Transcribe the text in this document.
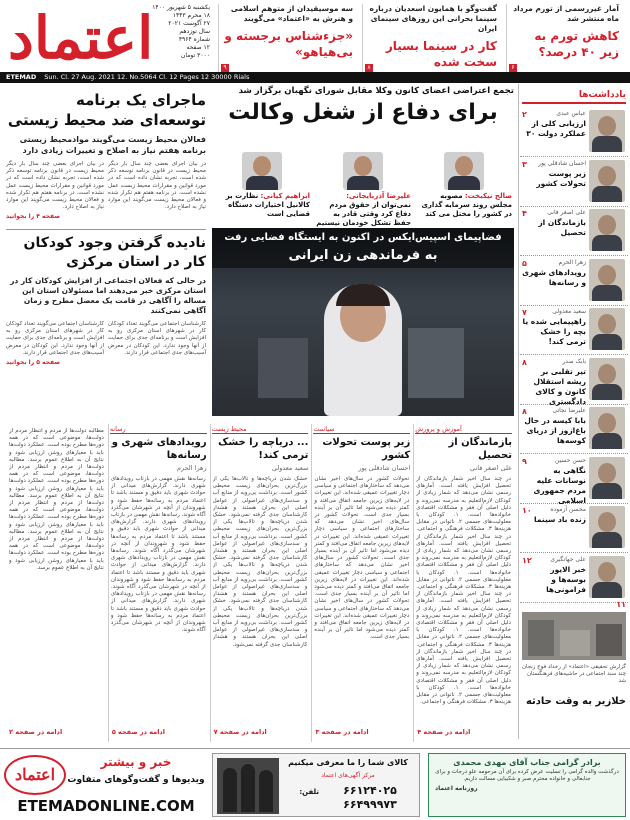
اعتماد
یکشنبه ۵ شهریور ۱۴۰۰
۱۸ محرم ۱۴۴۳
۲۷ آگوست ۲۰۲۱
سال نوزدهم
شماره ۴۹۶۴
۱۲ صفحه
۳۰۰۰ تومان
آمار غیررسمی از تورم مرداد ماه منتشر شد
کاهش تورم به زیر ۴۰ درصد؟
۶
گفت‌وگو با همایون اسعدیان درباره سینما بحرانی این روزهای سینمای ایران
کار در سینما بسیار سخت شده
۸
سه موسیقیدان از متوهم اسلامی و هنرش به «اعتماد» می‌گویند
«جزء‌شناس برجسته و بی‌هیاهو»
۹
ETEMAD Sun. Cl. 27 Aug. 2021 12. No.5064 Cl. 12 Pages 12 30000 Rials
یادداشت‌ها
عباس عبدی
ارزیابی کلی از عملکرد دولت ۳۰
۲
احسان شادقلی پور
زیر پوست تحولات کشور
۳
علی اصغر فانی
بازماندگان از تحصیل
۴
زهرا الحرم
رویدادهای شهری و رسانه‌ها
۵
سعید معدولی
راهپیمایی شده یا بچه را خشک ترمی کند!
۷
بابک صدر
تیر تقلبی بر ریشه استقلال کانون و کالای دادگستری
۸
علیرضا نجاتی
بابا کیسه در حال باغ‌ازوز از دریای کوسه‌ها
۸
حسن حسین
نگاهی به نوسانات علیه مردم جمهوری اسلامی
۹
محسن آزموده
زنده باد سینما
۱۰
علی جهانگیری
خبر الایور بوسه‌ها و فرامونی‌ها
۱۲
۱۱
گزارش تحقیقی «اعتماد» از رخداد فوج زنجان چند سند اجتماعی در حاشیه‌های فرهنگستان شد
خلازیر به وقت حادثه
ماجرای یک برنامه توسعه‌ای ضد محیط زیستی
فعالان محیط زیست می‌گویند موادمحیط زیستی برنامه هفتم نیاز به اصلاح و تغییرات زیادی دارد
در بیان اجرای بعضی چند سال بار دیگر محیط زیست در قانون برنامه توسعه ذکر شده است، تجربه نشان داده است که در مورد قوانین و مقرارات محیط زیست عمل نشده است. در برنامه هفتم هم تکرار شده و فعالان محیط زیست می‌گویند این موارد نیاز به اصلاح دارد.
در بیان اجرای بعضی چند سال بار دیگر محیط زیست در قانون برنامه توسعه ذکر شده است، تجربه نشان داده است که در مورد قوانین و مقرارات محیط زیست عمل نشده است. در برنامه هفتم هم تکرار شده و فعالان محیط زیست می‌گویند این موارد نیاز به اصلاح دارد.
صفحه ۴ را بخوانید
نادیده گرفتن وجود کودکان کار در استان مرکزی
در حالی که فعالان اجتماعی از افزایش کودکان کار در استان مرکزی خبر می‌دهند اما مسئولان استان این مساله را آگاهی در قامت یک معضل مطرح و زمان آگاهی نمی‌کنند
کارشناسان اجتماعی می‌گویند تعداد کودکان کار در شهرهای استان مرکزی رو به افزایش است و برنامه‌ای جدی برای حمایت از آنها وجود ندارد. این کودکان در معرض آسیب‌های جدی اجتماعی قرار دارند.
کارشناسان اجتماعی می‌گویند تعداد کودکان کار در شهرهای استان مرکزی رو به افزایش است و برنامه‌ای جدی برای حمایت از آنها وجود ندارد. این کودکان در معرض آسیب‌های جدی اجتماعی قرار دارند.
صفحه ۵ را بخوانید
تجمع اعتراضی اعضای کانون وکلا مقابل شورای نگهبان برگزار شد
برای دفاع از شغل وکالت
صالح نیکبخت: مصوبه مجلس روند سرمایه گذاری در کشور را مختل می کند
علیرضا آذربایجانی: نمی‌توان از حقوق مردم دفاع کرد وقتی قادر به حفظ تشکل خودمان نیستیم
ابراهیم کیانی: نظارت بر کالانیل اختیارات دستگاه قضایی است
فضاپیمای اسپیس‌ایکس در اکنون به ایستگاه فضایی رفت
به فرماندهی زن ایرانی
آموزش و پرورش
بازماندگان از تحصیل
علی اصغر فانی
در چند سال اخیر شمار بازماندگان از تحصیل افزایش یافته است. آمارهای رسمی نشان می‌دهد که شمار زیادی از کودکان لازم‌التعلیم به مدرسه نمی‌روند و دلیل اصلی آن فقر و مشکلات اقتصادی خانواده‌ها است. ۱. کودکان با معلولیت‌های جسمی ۲. ناتوانی در مقابل هزینه‌ها ۳. مشکلات فرهنگی و اجتماعی. در چند سال اخیر شمار بازماندگان از تحصیل افزایش یافته است. آمارهای رسمی نشان می‌دهد که شمار زیادی از کودکان لازم‌التعلیم به مدرسه نمی‌روند و دلیل اصلی آن فقر و مشکلات اقتصادی خانواده‌ها است. ۱. کودکان با معلولیت‌های جسمی ۲. ناتوانی در مقابل هزینه‌ها ۳. مشکلات فرهنگی و اجتماعی. در چند سال اخیر شمار بازماندگان از تحصیل افزایش یافته است. آمارهای رسمی نشان می‌دهد که شمار زیادی از کودکان لازم‌التعلیم به مدرسه نمی‌روند و دلیل اصلی آن فقر و مشکلات اقتصادی خانواده‌ها است. ۱. کودکان با معلولیت‌های جسمی ۲. ناتوانی در مقابل هزینه‌ها ۳. مشکلات فرهنگی و اجتماعی. در چند سال اخیر شمار بازماندگان از تحصیل افزایش یافته است. آمارهای رسمی نشان می‌دهد که شمار زیادی از کودکان لازم‌التعلیم به مدرسه نمی‌روند و دلیل اصلی آن فقر و مشکلات اقتصادی خانواده‌ها است. ۱. کودکان با معلولیت‌های جسمی ۲. ناتوانی در مقابل هزینه‌ها ۳. مشکلات فرهنگی و اجتماعی.
ادامه در صفحه ۴
سیاست
زیر پوست تحولات کشور
احسان شادقلی پور
تحولات کشور در سال‌های اخیر نشان می‌دهد که ساختارهای اجتماعی و سیاسی دچار تغییرات عمیقی شده‌اند. این تغییرات در لایه‌های زیرین جامعه اتفاق می‌افتد و کمتر دیده می‌شود اما تاثیر آن بر آینده بسیار جدی است. تحولات کشور در سال‌های اخیر نشان می‌دهد که ساختارهای اجتماعی و سیاسی دچار تغییرات عمیقی شده‌اند. این تغییرات در لایه‌های زیرین جامعه اتفاق می‌افتد و کمتر دیده می‌شود اما تاثیر آن بر آینده بسیار جدی است. تحولات کشور در سال‌های اخیر نشان می‌دهد که ساختارهای اجتماعی و سیاسی دچار تغییرات عمیقی شده‌اند. این تغییرات در لایه‌های زیرین جامعه اتفاق می‌افتد و کمتر دیده می‌شود اما تاثیر آن بر آینده بسیار جدی است. تحولات کشور در سال‌های اخیر نشان می‌دهد که ساختارهای اجتماعی و سیاسی دچار تغییرات عمیقی شده‌اند. این تغییرات در لایه‌های زیرین جامعه اتفاق می‌افتد و کمتر دیده می‌شود اما تاثیر آن بر آینده بسیار جدی است.
ادامه در صفحه ۳
محیط زیست
... دریاچه را خشک ترمی کند!
سعید معدولی
خشک شدن دریاچه‌ها و تالاب‌ها یکی از بزرگ‌ترین بحران‌های زیست محیطی کشور است. برداشت بی‌رویه از منابع آب و سدسازی‌های غیراصولی از عوامل اصلی این بحران هستند و هشدار کارشناسان جدی گرفته نمی‌شود. خشک شدن دریاچه‌ها و تالاب‌ها یکی از بزرگ‌ترین بحران‌های زیست محیطی کشور است. برداشت بی‌رویه از منابع آب و سدسازی‌های غیراصولی از عوامل اصلی این بحران هستند و هشدار کارشناسان جدی گرفته نمی‌شود. خشک شدن دریاچه‌ها و تالاب‌ها یکی از بزرگ‌ترین بحران‌های زیست محیطی کشور است. برداشت بی‌رویه از منابع آب و سدسازی‌های غیراصولی از عوامل اصلی این بحران هستند و هشدار کارشناسان جدی گرفته نمی‌شود. خشک شدن دریاچه‌ها و تالاب‌ها یکی از بزرگ‌ترین بحران‌های زیست محیطی کشور است. برداشت بی‌رویه از منابع آب و سدسازی‌های غیراصولی از عوامل اصلی این بحران هستند و هشدار کارشناسان جدی گرفته نمی‌شود.
ادامه در صفحه ۷
رسانه
رویدادهای شهری و رسانه‌ها
زهرا الحرم
رسانه‌ها نقش مهمی در بازتاب رویدادهای شهری دارند. گزارش‌های میدانی از حوادث شهری باید دقیق و مستند باشد تا اعتماد مردم به رسانه‌ها حفظ شود و شهروندان از آنچه در شهرشان می‌گذرد آگاه شوند. رسانه‌ها نقش مهمی در بازتاب رویدادهای شهری دارند. گزارش‌های میدانی از حوادث شهری باید دقیق و مستند باشد تا اعتماد مردم به رسانه‌ها حفظ شود و شهروندان از آنچه در شهرشان می‌گذرد آگاه شوند. رسانه‌ها نقش مهمی در بازتاب رویدادهای شهری دارند. گزارش‌های میدانی از حوادث شهری باید دقیق و مستند باشد تا اعتماد مردم به رسانه‌ها حفظ شود و شهروندان از آنچه در شهرشان می‌گذرد آگاه شوند. رسانه‌ها نقش مهمی در بازتاب رویدادهای شهری دارند. گزارش‌های میدانی از حوادث شهری باید دقیق و مستند باشد تا اعتماد مردم به رسانه‌ها حفظ شود و شهروندان از آنچه در شهرشان می‌گذرد آگاه شوند.
ادامه در صفحه ۵
مطالبه دولت‌ها از مردم و انتظار مردم از دولت‌ها، موضوعی است که در همه دوره‌ها مطرح بوده است. عملکرد دولت‌ها باید با معیارهای روشن ارزیابی شود و نتایج آن به اطلاع عموم برسد. مطالبه دولت‌ها از مردم و انتظار مردم از دولت‌ها، موضوعی است که در همه دوره‌ها مطرح بوده است. عملکرد دولت‌ها باید با معیارهای روشن ارزیابی شود و نتایج آن به اطلاع عموم برسد. مطالبه دولت‌ها از مردم و انتظار مردم از دولت‌ها، موضوعی است که در همه دوره‌ها مطرح بوده است. عملکرد دولت‌ها باید با معیارهای روشن ارزیابی شود و نتایج آن به اطلاع عموم برسد. مطالبه دولت‌ها از مردم و انتظار مردم از دولت‌ها، موضوعی است که در همه دوره‌ها مطرح بوده است. عملکرد دولت‌ها باید با معیارهای روشن ارزیابی شود و نتایج آن به اطلاع عموم برسد.
ادامه در صفحه ۲
برادر گرامی جناب آقای مهدی محمدی
درگذشت والده گرامی را تسلیت عرض کرده برای آن مرحومه علو درجات و برای جنابعالی و خانواده محترم صبر و شکیبایی مسالت داریم.
روزنامه اعتماد
کالای شما را ما معرفی میکنیم
مرکز آگهی‌های اعتماد
تلفن:	۶۶۱۲۴۰۲۵
۶۶۴۹۹۹۷۳
اعتماد
خبر و بیشتر
ویدیوها و گفت‌وگوهای متفاوت
ETEMADONLINE.COM
